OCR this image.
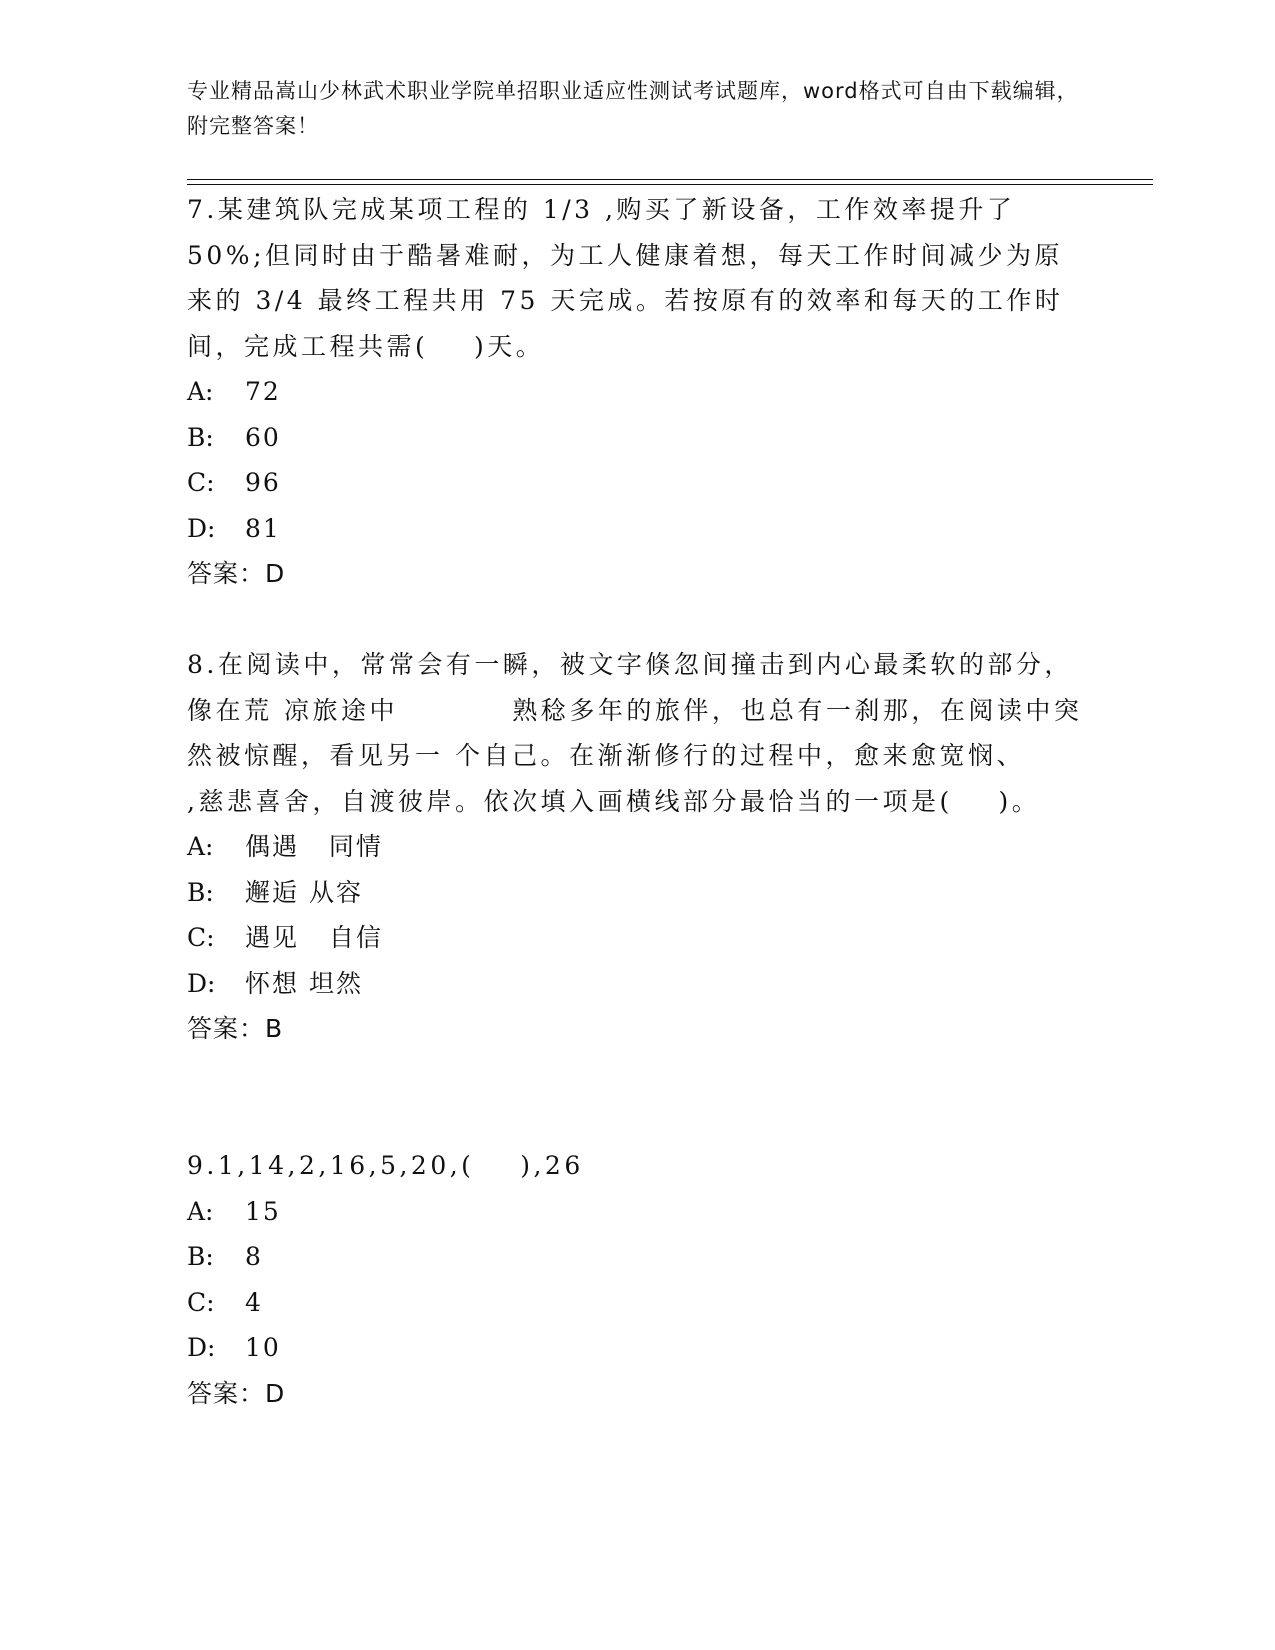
专业精品嵩山少林武术职业学院单招职业适应性测试考试题库，word格式可自由下载编辑，附完整答案！

7.某建筑队完成某项工程的 1/3 ,购买了新设备，工作效率提升了50%;但同时由于酷暑难耐，为工人健康着想，每天工作时间减少为原来的 3/4 最终工程共用 75 天完成。若按原有的效率和每天的工作时间，完成工程共需(    )天。

A: 72

B: 60

C: 96

D: 81

答案：D

8.在阅读中，常常会有一瞬，被文字倏忽间撞击到内心最柔软的部分，像在荒 凉旅途中          熟稔多年的旅伴，也总有一刹那，在阅读中突然被惊醒，看见另一 个自己。在渐渐修行的过程中，愈来愈宽悯、        ,慈悲喜舍，自渡彼岸。依次填入画横线部分最恰当的一项是(    )。

A: 偶遇   同情

B: 邂逅 从容

C: 遇见   自信

D: 怀想 坦然

答案：B

9.1,14,2,16,5,20,(    ),26

A: 15

B: 8

C: 4

D: 10

答案：D
